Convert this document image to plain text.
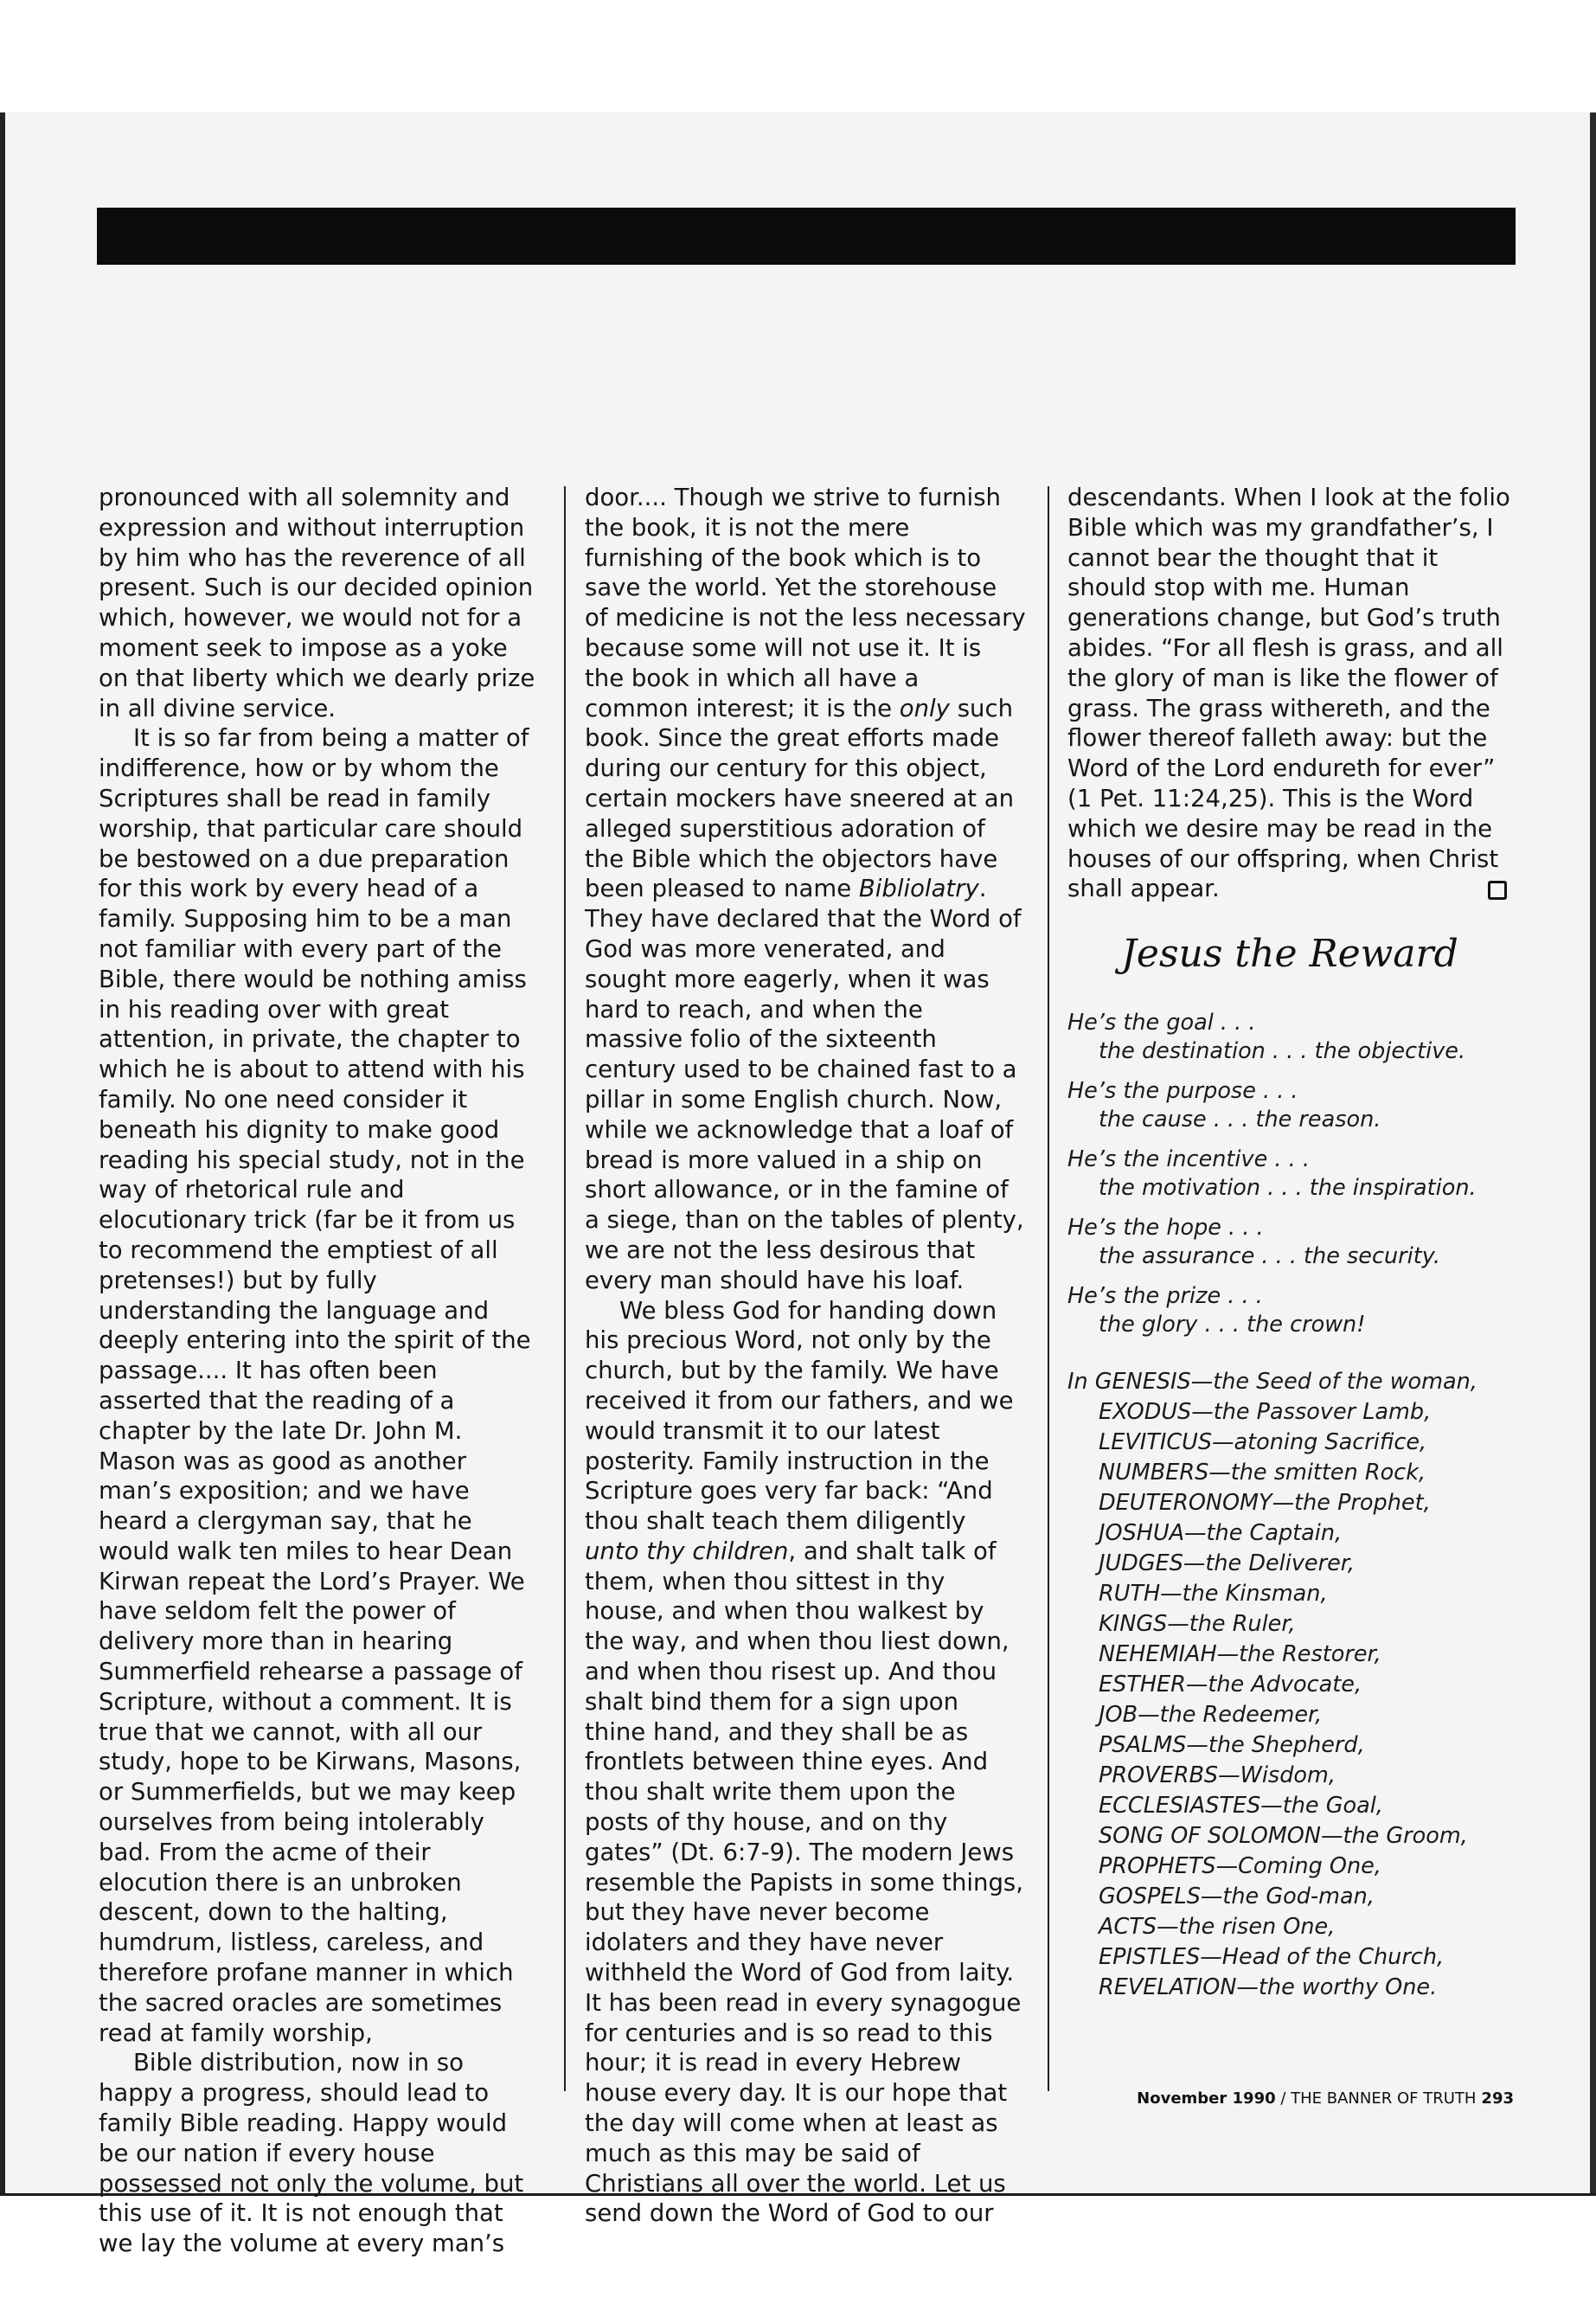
pronounced with all solemnity and expression and without interruption by him who has the reverence of all present. Such is our decided opinion which, however, we would not for a moment seek to impose as a yoke on that liberty which we dearly prize in all divine service.

It is so far from being a matter of indifference, how or by whom the Scriptures shall be read in family worship, that particular care should be bestowed on a due preparation for this work by every head of a family. Supposing him to be a man not familiar with every part of the Bible, there would be nothing amiss in his reading over with great attention, in private, the chapter to which he is about to attend with his family. No one need consider it beneath his dignity to make good reading his special study, not in the way of rhetorical rule and elocutionary trick (far be it from us to recommend the emptiest of all pretenses!) but by fully understanding the language and deeply entering into the spirit of the passage.... It has often been asserted that the reading of a chapter by the late Dr. John M. Mason was as good as another man’s exposition; and we have heard a clergyman say, that he would walk ten miles to hear Dean Kirwan repeat the Lord’s Prayer. We have seldom felt the power of delivery more than in hearing Summerfield rehearse a passage of Scripture, without a comment. It is true that we cannot, with all our study, hope to be Kirwans, Masons, or Summerfields, but we may keep ourselves from being intolerably bad. From the acme of their elocution there is an unbroken descent, down to the halting, humdrum, listless, careless, and therefore profane manner in which the sacred oracles are sometimes read at family worship,

Bible distribution, now in so happy a progress, should lead to family Bible reading. Happy would be our nation if every house possessed not only the volume, but this use of it. It is not enough that we lay the volume at every man’s

door.... Though we strive to furnish the book, it is not the mere furnishing of the book which is to save the world. Yet the storehouse of medicine is not the less necessary because some will not use it. It is the book in which all have a common interest; it is the only such book. Since the great efforts made during our century for this object, certain mockers have sneered at an alleged superstitious adoration of the Bible which the objectors have been pleased to name Bibliolatry. They have declared that the Word of God was more venerated, and sought more eagerly, when it was hard to reach, and when the massive folio of the sixteenth century used to be chained fast to a pillar in some English church. Now, while we acknowledge that a loaf of bread is more valued in a ship on short allowance, or in the famine of a siege, than on the tables of plenty, we are not the less desirous that every man should have his loaf.

We bless God for handing down his precious Word, not only by the church, but by the family. We have received it from our fathers, and we would transmit it to our latest posterity. Family instruction in the Scripture goes very far back: “And thou shalt teach them diligently unto thy children, and shalt talk of them, when thou sittest in thy house, and when thou walkest by the way, and when thou liest down, and when thou risest up. And thou shalt bind them for a sign upon thine hand, and they shall be as frontlets between thine eyes. And thou shalt write them upon the posts of thy house, and on thy gates” (Dt. 6:7-9). The modern Jews resemble the Papists in some things, but they have never become idolaters and they have never withheld the Word of God from laity. It has been read in every synagogue for centuries and is so read to this hour; it is read in every Hebrew house every day. It is our hope that the day will come when at least as much as this may be said of Christians all over the world. Let us send down the Word of God to our

descendants. When I look at the folio Bible which was my grandfather’s, I cannot bear the thought that it should stop with me. Human generations change, but God’s truth abides. “For all flesh is grass, and all the glory of man is like the flower of grass. The grass withereth, and the flower thereof falleth away: but the Word of the Lord endureth for ever” (1 Pet. 11:24,25). This is the Word which we desire may be read in the houses of our offspring, when Christ shall appear.

Jesus the Reward
He’s the goal . . .
the destination . . . the objective.
He’s the purpose . . .
the cause . . . the reason.
He’s the incentive . . .
the motivation . . . the inspiration.
He’s the hope . . .
the assurance . . . the security.
He’s the prize . . .
the glory . . . the crown!
In GENESIS—the Seed of the woman,
EXODUS—the Passover Lamb,
LEVITICUS—atoning Sacrifice,
NUMBERS—the smitten Rock,
DEUTERONOMY—the Prophet,
JOSHUA—the Captain,
JUDGES—the Deliverer,
RUTH—the Kinsman,
KINGS—the Ruler,
NEHEMIAH—the Restorer,
ESTHER—the Advocate,
JOB—the Redeemer,
PSALMS—the Shepherd,
PROVERBS—Wisdom,
ECCLESIASTES—the Goal,
SONG OF SOLOMON—the Groom,
PROPHETS—Coming One,
GOSPELS—the God-man,
ACTS—the risen One,
EPISTLES—Head of the Church,
REVELATION—the worthy One.
November 1990 / THE BANNER OF TRUTH 293
